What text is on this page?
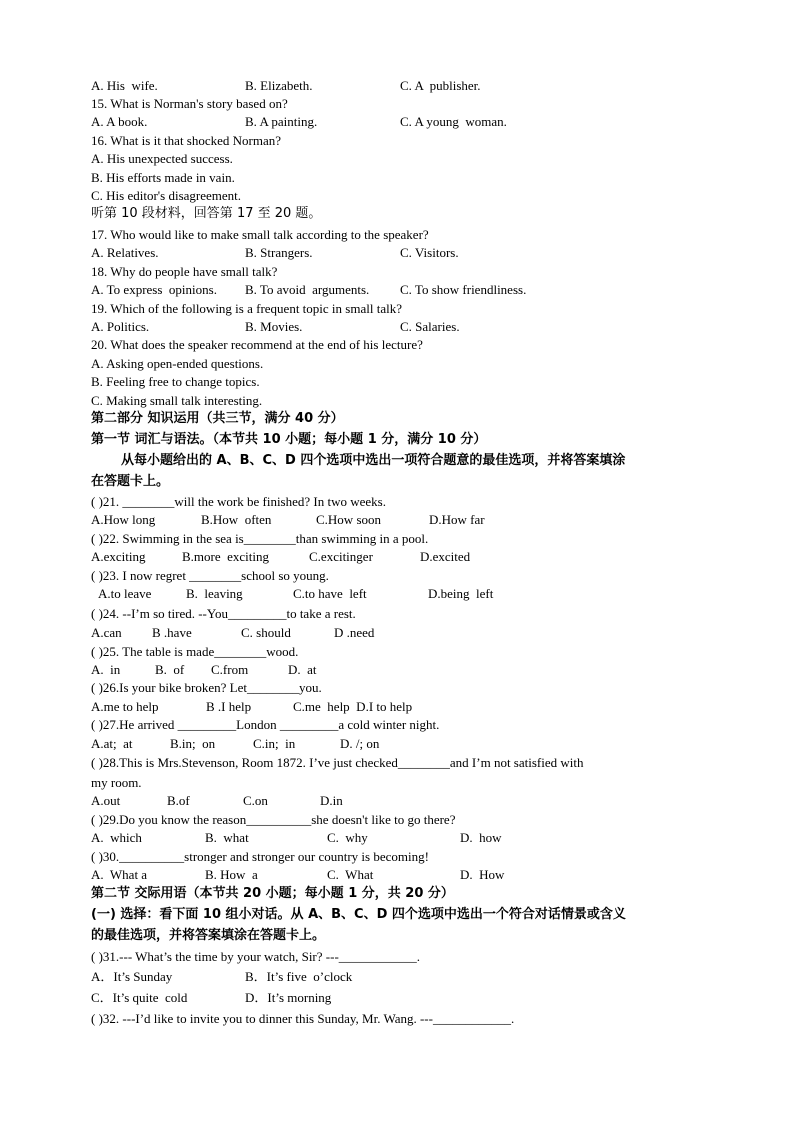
A. His  wife.	B. Elizabeth.	C. A  publisher.
15. What is Norman's story based on?
A. A book.	B. A painting.	C. A young  woman.
16. What is it that shocked Norman?
A. His unexpected success.
B. His efforts made in vain.
C. His editor's disagreement.
听第 10 段材料，回答第 17 至 20 题。
17. Who would like to make small talk according to the speaker?
A. Relatives.	B. Strangers.	C. Visitors.
18. Why do people have small talk?
A. To express  opinions. B. To avoid  arguments. C. To show friendliness.
19. Which of the following is a frequent topic in small talk?
A. Politics.	B. Movies.	C. Salaries.
20. What does the speaker recommend at the end of his lecture?
A. Asking open-ended questions.
B. Feeling free to change topics.
C. Making small talk interesting.
第二部分 知识运用（共三节，满分 40 分）
第一节 词汇与语法。（本节共 10 小题；每小题 1 分，满分 10 分）
从每小题给出的 A、B、C、D 四个选项中选出一项符合题意的最佳选项，并将答案填涂
在答题卡上。
( )21. ________will the work be finished? In two weeks.
A.How long	B.How  often	C.How soon	D.How far
( )22. Swimming in the sea is________than swimming in a pool.
A.exciting	B.more  exciting	C.excitinger	D.excited
( )23. I now regret ________school so young.
A.to leave	B.  leaving	C.to have  left	D.being  left
( )24. --I’m so tired. --You_________to take a rest.
A.can B .have	C. should	D .need
( )25. The table is made________wood.
A.  in	B.  of C.from	D.  at
( )26.Is your bike broken? Let________you.
A.me to help	B .I help	C.me  help  D.I to help
( )27.He arrived _________London _________a cold winter night.
A.at;  at	B.in;  on	C.in;  in	D. /; on
( )28.This is Mrs.Stevenson, Room 1872. I’ve just checked________and I’m not satisfied with
my room.
A.out	B.of	C.on	D.in
( )29.Do you know the reason__________she doesn't like to go there?
A.  which	B.  what	C.  why	D.  how
( )30.__________stronger and stronger our country is becoming!
A.  What a	B. How  a	C.  What	D.  How
第二节 交际用语（本节共 20 小题；每小题 1 分，共 20 分）
(一) 选择：看下面 10 组小对话。从 A、B、C、D 四个选项中选出一个符合对话情景或含义
的最佳选项，并将答案填涂在答题卡上。
( )31.--- What’s the time by your watch, Sir? ---____________.
A．It’s Sunday	B．It’s five  o’clock
C．It’s quite  cold	D．It’s morning
( )32. ---I’d like to invite you to dinner this Sunday, Mr. Wang. ---____________.
